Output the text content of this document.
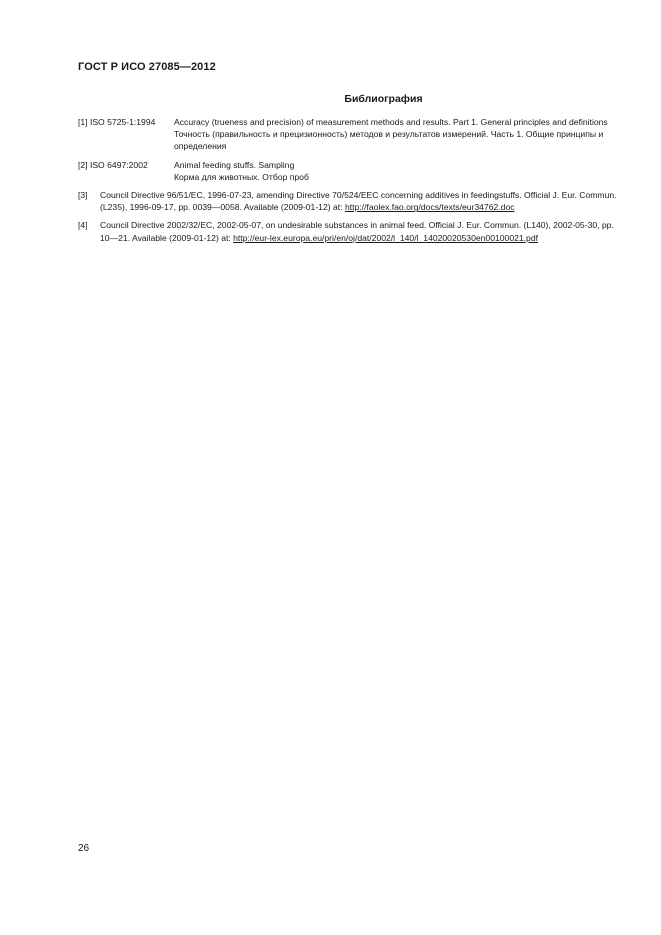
ГОСТ Р ИСО 27085—2012
Библиография
[1] ISO 5725-1:1994	Accuracy (trueness and precision) of measurement methods and results. Part 1. General principles and definitions
Точность (правильность и прецизионность) методов и результатов измерений. Часть 1. Общие принципы и определения
[2] ISO 6497:2002	Animal feeding stuffs. Sampling
Корма для животных. Отбор проб
[3]	Council Directive 96/51/EC, 1996-07-23, amending Directive 70/524/EEC concerning additives in feedingstuffs. Official J. Eur. Commun. (L235), 1996-09-17, pp. 0039—0058. Available (2009-01-12) at: http://faolex.fao.org/docs/texts/eur34762.doc
[4]	Council Directive 2002/32/EC, 2002-05-07, on undesirable substances in animal feed. Official J. Eur. Commun. (L140), 2002-05-30, pp. 10—21. Available (2009-01-12) at: http://eur-lex.europa.eu/pri/en/oj/dat/2002/l_140/l_14020020530en00100021.pdf
26
